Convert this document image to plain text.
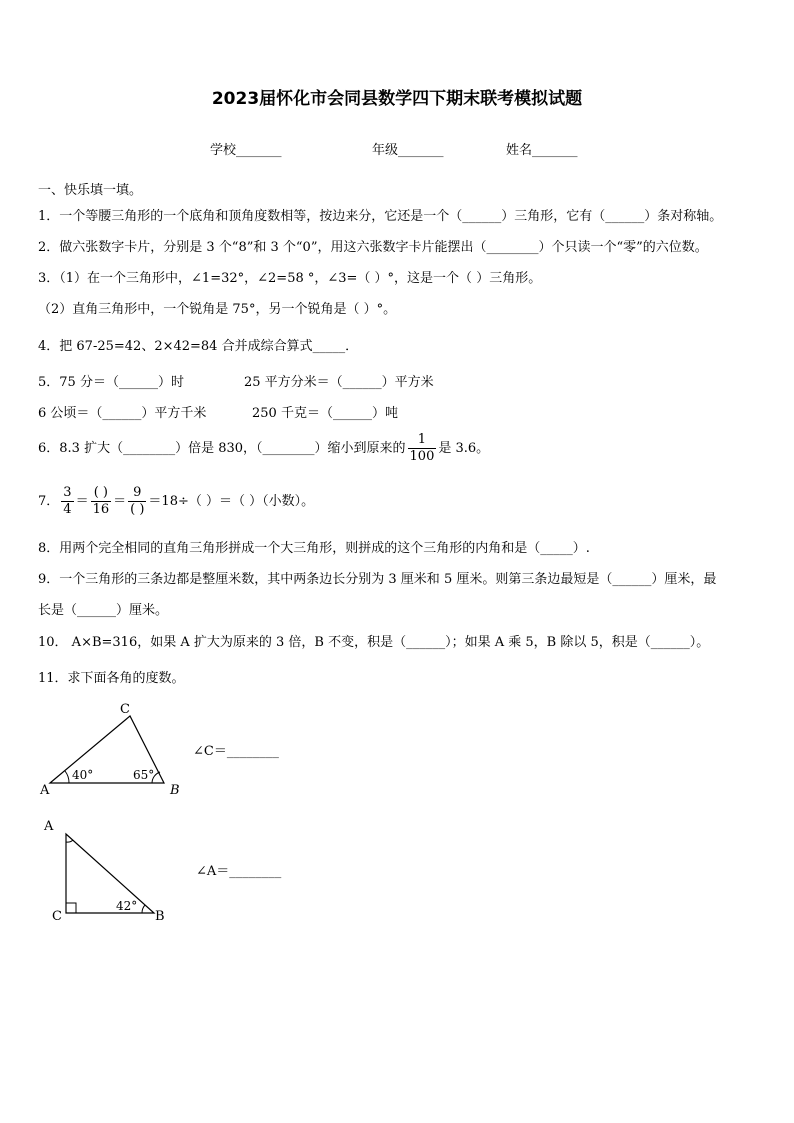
2023届怀化市会同县数学四下期末联考模拟试题
学校_______	年级_______	姓名_______
一、快乐填一填。
1．一个等腰三角形的一个底角和顶角度数相等，按边来分，它还是一个（______）三角形，它有（______）条对称轴。
2．做六张数字卡片，分别是 3 个“8”和 3 个“0”，用这六张数字卡片能摆出（________）个只读一个“零”的六位数。
3．（1）在一个三角形中，∠1=32°，∠2=58 °，∠3=（ ）°，这是一个（ ）三角形。
（2）直角三角形中，一个锐角是 75°，另一个锐角是（ ）°。
4．把 67-25=42、2×42=84 合并成综合算式_____．
5．75 分＝（______）时	25 平方分米＝（______）平方米
6 公顷＝（______）平方千米	250 千克＝（______）吨
6．8.3 扩大（________）倍是 830，（________）缩小到原来的 $\frac{1}{100}$ 是 3.6。
7． $\frac{3}{4} = \frac{( )}{16} = \frac{9}{( )} =18\div$（ ）＝（ ）（小数）。
8．用两个完全相同的直角三角形拼成一个大三角形，则拼成的这个三角形的内角和是（_____）.
9．一个三角形的三条边都是整厘米数，其中两条边长分别为 3 厘米和 5 厘米。则第三条边最短是（______）厘米，最
长是（______）厘米。
10． A×B=316，如果 A 扩大为原来的 3 倍，B 不变，积是（______）；如果 A 乘 5，B 除以 5，积是（______）。
11．求下面各角的度数。
C
A	B
40°	65°
∠C＝________
A
C	B
42°
∠A＝________
